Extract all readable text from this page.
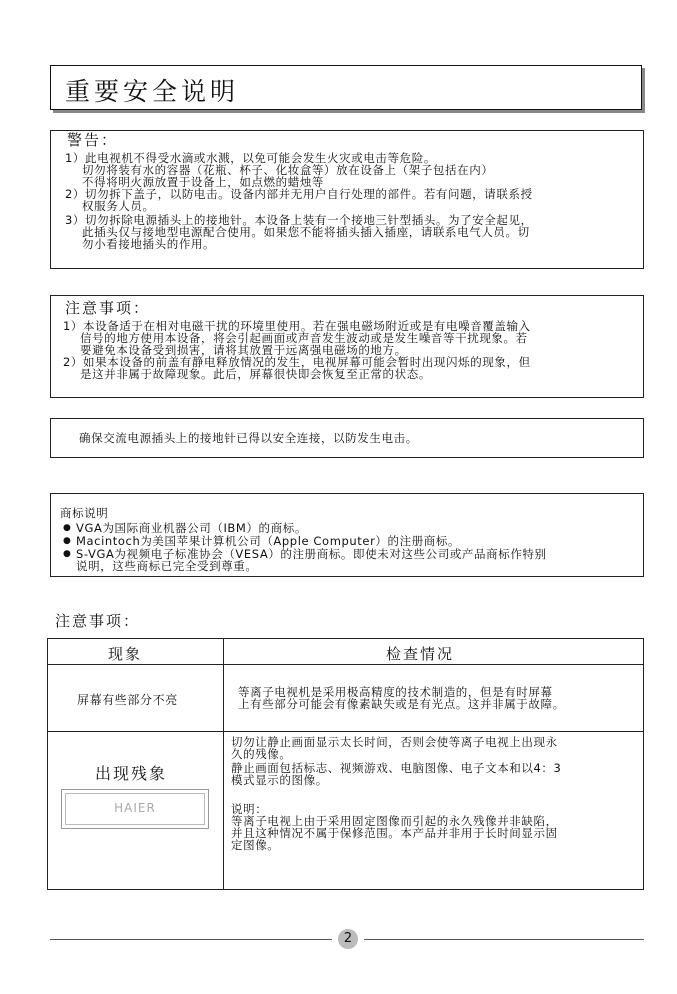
重要安全说明
警告：
1）此电视机不得受水滴或水溅，以免可能会发生火灾或电击等危险。
切勿将装有水的容器（花瓶、杯子、化妆盒等）放在设备上（架子包括在内）
不得将明火源放置于设备上，如点燃的蜡烛等
2）切勿拆下盖子，以防电击。设备内部并无用户自行处理的部件。若有问题，请联系授
权服务人员。
3）切勿拆除电源插头上的接地针。本设备上装有一个接地三针型插头。为了安全起见，
此插头仅与接地型电源配合使用。如果您不能将插头插入插座，请联系电气人员。切
勿小看接地插头的作用。
注意事项：
1）本设备适于在相对电磁干扰的环境里使用。若在强电磁场附近或是有电噪音覆盖输入
信号的地方使用本设备，将会引起画面或声音发生波动或是发生噪音等干扰现象。若
要避免本设备受到损害，请将其放置于远离强电磁场的地方。
2）如果本设备的前盖有静电释放情况的发生，电视屏幕可能会暂时出现闪烁的现象，但
是这并非属于故障现象。此后，屏幕很快即会恢复至正常的状态。
确保交流电源插头上的接地针已得以安全连接，以防发生电击。
商标说明
● VGA为国际商业机器公司（IBM）的商标。
● Macintoch为美国苹果计算机公司（Apple Computer）的注册商标。
● S-VGA为视频电子标准协会（VESA）的注册商标。即使未对这些公司或产品商标作特别
说明，这些商标已完全受到尊重。
注意事项：
现象	检查情况
屏幕有些部分不亮
等离子电视机是采用极高精度的技术制造的，但是有时屏幕
上有些部分可能会有像素缺失或是有光点。这并非属于故障。
出现残象
HAIER
切勿让静止画面显示太长时间，否则会使等离子电视上出现永
久的残像。
静止画面包括标志、视频游戏、电脑图像、电子文本和以4：3
模式显示的图像。
说明：
等离子电视上由于采用固定图像而引起的永久残像并非缺陷，
并且这种情况不属于保修范围。本产品并非用于长时间显示固
定图像。
2
